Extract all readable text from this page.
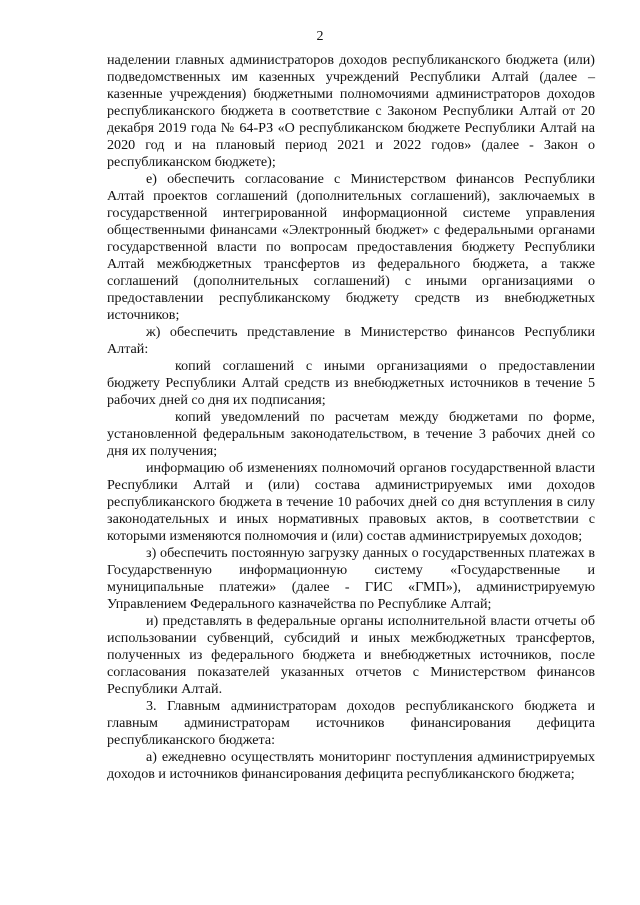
2

наделении главных администраторов доходов республиканского бюджета (или) подведомственных им казенных учреждений Республики Алтай (далее – казенные учреждения) бюджетными полномочиями администраторов доходов республиканского бюджета в соответствие с Законом Республики Алтай от 20 декабря 2019 года № 64-РЗ «О республиканском бюджете Республики Алтай на 2020 год и на плановый период 2021 и 2022 годов» (далее - Закон о республиканском бюджете);

е) обеспечить согласование с Министерством финансов Республики Алтай проектов соглашений (дополнительных соглашений), заключаемых в государственной интегрированной информационной системе управления общественными финансами «Электронный бюджет» с федеральными органами государственной власти по вопросам предоставления бюджету Республики Алтай межбюджетных трансфертов из федерального бюджета, а также соглашений (дополнительных соглашений) с иными организациями о предоставлении республиканскому бюджету средств из внебюджетных источников;

ж) обеспечить представление в Министерство финансов Республики Алтай:

копий соглашений с иными организациями о предоставлении бюджету Республики Алтай средств из внебюджетных источников в течение 5 рабочих дней со дня их подписания;

копий уведомлений по расчетам между бюджетами по форме, установленной федеральным законодательством, в течение 3 рабочих дней со дня их получения;

информацию об изменениях полномочий органов государственной власти Республики Алтай и (или) состава администрируемых ими доходов республиканского бюджета в течение 10 рабочих дней со дня вступления в силу законодательных и иных нормативных правовых актов, в соответствии с которыми изменяются полномочия и (или) состав администрируемых доходов;

з) обеспечить постоянную загрузку данных о государственных платежах в Государственную информационную систему «Государственные и муниципальные платежи» (далее - ГИС «ГМП»), администрируемую Управлением Федерального казначейства по Республике Алтай;

и) представлять в федеральные органы исполнительной власти отчеты об использовании субвенций, субсидий и иных межбюджетных трансфертов, полученных из федерального бюджета и внебюджетных источников, после согласования показателей указанных отчетов с Министерством финансов Республики Алтай.

3. Главным администраторам доходов республиканского бюджета и главным администраторам источников финансирования дефицита республиканского бюджета:

а) ежедневно осуществлять мониторинг поступления администрируемых доходов и источников финансирования дефицита республиканского бюджета;
